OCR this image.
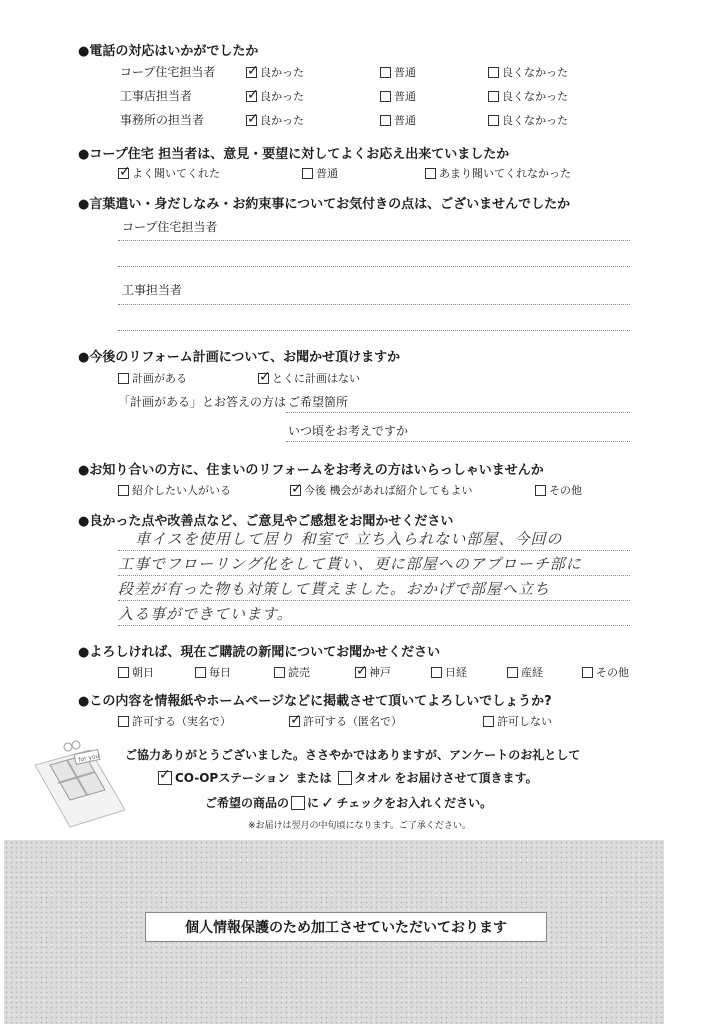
●電話の対応はいかがでしたか
コープ住宅担当者 ✓	良かった	普通	良くなかった
工事店担当者 ✓	良かった	普通	良くなかった
事務所の担当者 ✓	良かった	普通	良くなかった
●コープ住宅 担当者は、意見・要望に対してよくお応え出来ていましたか
✓
よく聞いてくれた	普通	あまり聞いてくれなかった
●言葉遣い・身だしなみ・お約束事についてお気付きの点は、ございませんでしたか
コープ住宅担当者
工事担当者
●今後のリフォーム計画について、お聞かせ頂けますか
計画がある ✓	とくに計画はない
「計画がある」とお答えの方は ご希望箇所
いつ頃をお考えですか
●お知り合いの方に、住まいのリフォームをお考えの方はいらっしゃいませんか
紹介したい人がいる ✓	今後 機会があれば紹介してもよい	その他
●良かった点や改善点など、ご意見やご感想をお聞かせください
車イスを使用して居り 和室で 立ち入られない部屋、今回の
工事でフローリング化をして貰い、更に部屋へのアプローチ部に
段差が有った物も対策して貰えました。おかげで部屋へ立ち
入る事ができています。
●よろしければ、現在ご購読の新聞についてお聞かせください
朝日	毎日	読売 ✓	神戸	日経	産経	その他
●この内容を情報紙やホームページなどに掲載させて頂いてよろしいでしょうか?
許可する（実名で） ✓	許可する（匿名で）	許可しない
for you ご協力ありがとうございました。ささやかではありますが、アンケートのお礼として
✓
CO-OPステーション または タオル をお届けさせて頂きます。
ご希望の商品の に ✓ チェックをお入れください。
※お届けは翌月の中旬頃になります。ご了承ください。
個人情報保護のため加工させていただいております
